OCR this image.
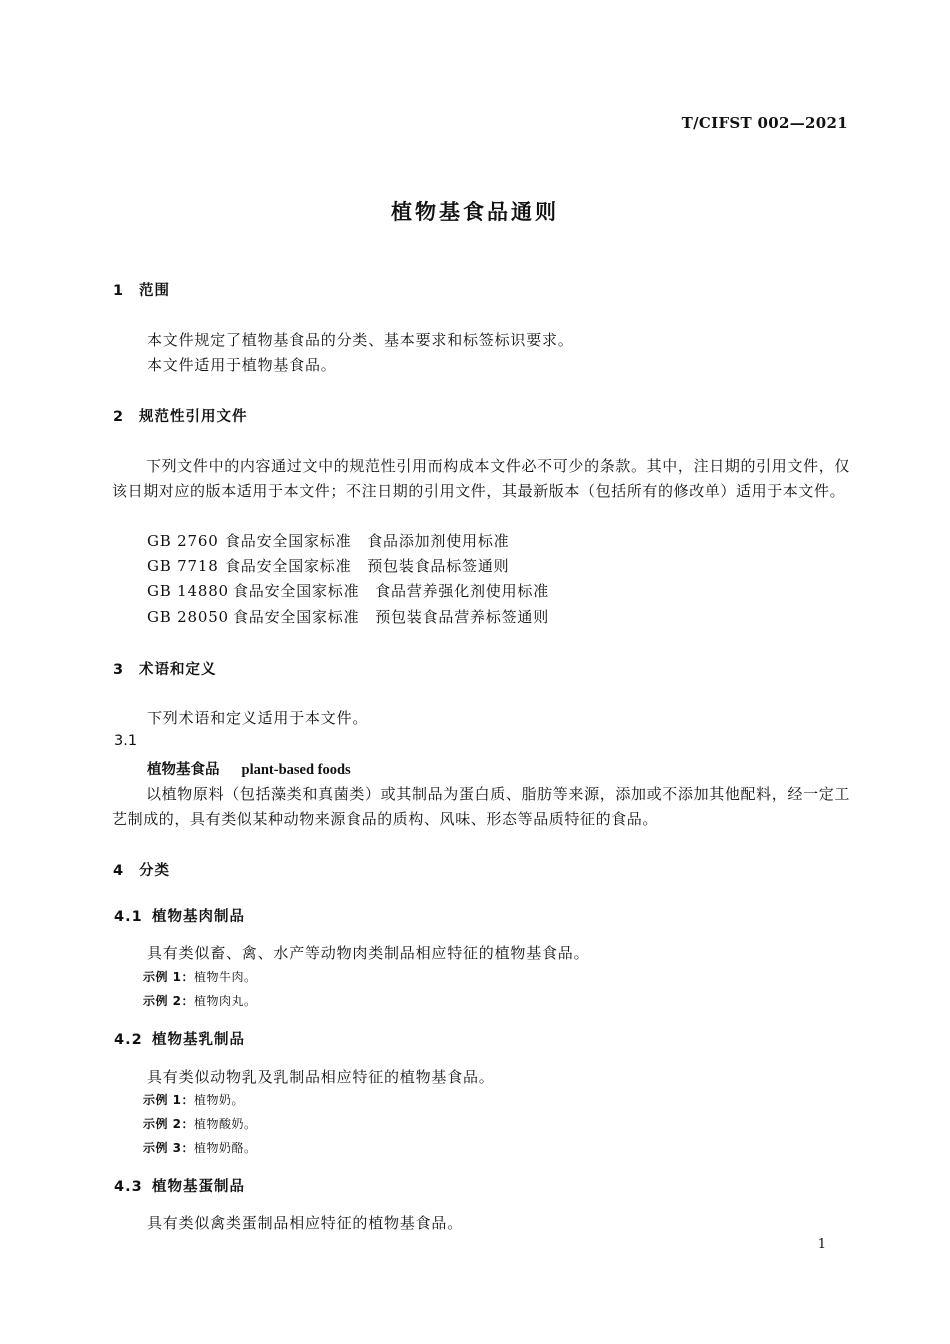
T/CIFST 002—2021
植物基食品通则
1 范围
本文件规定了植物基食品的分类、基本要求和标签标识要求。
本文件适用于植物基食品。
2 规范性引用文件
下列文件中的内容通过文中的规范性引用而构成本文件必不可少的条款。其中，注日期的引用文件，仅该日期对应的版本适用于本文件；不注日期的引用文件，其最新版本（包括所有的修改单）适用于本文件。
GB 2760 食品安全国家标准　 食品添加剂使用标准
GB 7718 食品安全国家标准　 预包装食品标签通则
GB 14880 食品安全国家标准　 食品营养强化剂使用标准
GB 28050 食品安全国家标准　 预包装食品营养标签通则
3 术语和定义
下列术语和定义适用于本文件。
3.1
植物基食品 plant-based foods
以植物原料（包括藻类和真菌类）或其制品为蛋白质、脂肪等来源，添加或不添加其他配料，经一定工艺制成的，具有类似某种动物来源食品的质构、风味、形态等品质特征的食品。
4 分类
4.1 植物基肉制品
具有类似畜、禽、水产等动物肉类制品相应特征的植物基食品。
示例 1：植物牛肉。
示例 2：植物肉丸。
4.2 植物基乳制品
具有类似动物乳及乳制品相应特征的植物基食品。
示例 1：植物奶。
示例 2：植物酸奶。
示例 3：植物奶酪。
4.3 植物基蛋制品
具有类似禽类蛋制品相应特征的植物基食品。
1
